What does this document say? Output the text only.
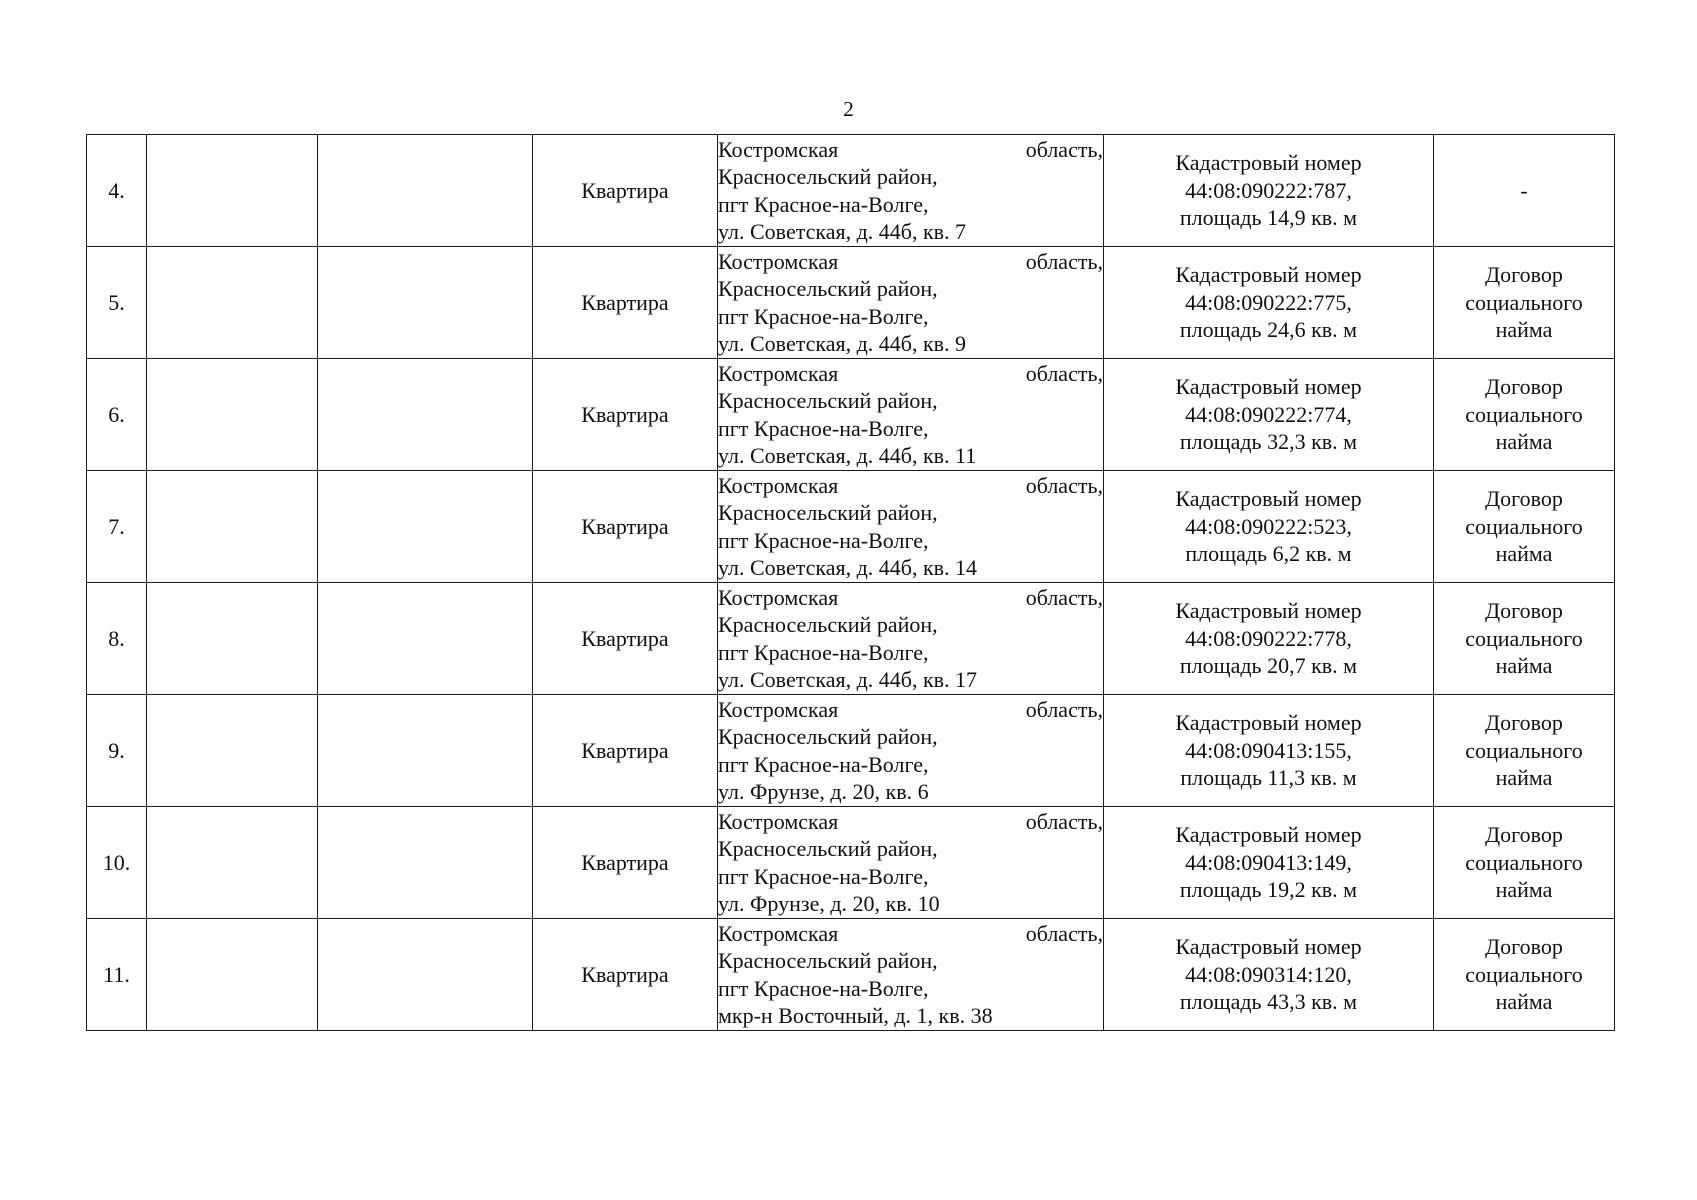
2
4.			Квартира	Костромская область,
Красносельский район,
пгт Красное-на-Волге,
ул. Советская, д. 44б, кв. 7	Кадастровый номер
44:08:090222:787,
площадь 14,9 кв. м	-

5.			Квартира	Костромская область,
Красносельский район,
пгт Красное-на-Волге,
ул. Советская, д. 44б, кв. 9	Кадастровый номер
44:08:090222:775,
площадь 24,6 кв. м	Договор
социального
найма

6.			Квартира	Костромская область,
Красносельский район,
пгт Красное-на-Волге,
ул. Советская, д. 44б, кв. 11	Кадастровый номер
44:08:090222:774,
площадь 32,3 кв. м	Договор
социального
найма

7.			Квартира	Костромская область,
Красносельский район,
пгт Красное-на-Волге,
ул. Советская, д. 44б, кв. 14	Кадастровый номер
44:08:090222:523,
площадь 6,2 кв. м	Договор
социального
найма

8.			Квартира	Костромская область,
Красносельский район,
пгт Красное-на-Волге,
ул. Советская, д. 44б, кв. 17	Кадастровый номер
44:08:090222:778,
площадь 20,7 кв. м	Договор
социального
найма

9.			Квартира	Костромская область,
Красносельский район,
пгт Красное-на-Волге,
ул. Фрунзе, д. 20, кв. 6	Кадастровый номер
44:08:090413:155,
площадь 11,3 кв. м	Договор
социального
найма

10.			Квартира	Костромская область,
Красносельский район,
пгт Красное-на-Волге,
ул. Фрунзе, д. 20, кв. 10	Кадастровый номер
44:08:090413:149,
площадь 19,2 кв. м	Договор
социального
найма

11.			Квартира	Костромская область,
Красносельский район,
пгт Красное-на-Волге,
мкр-н Восточный, д. 1, кв. 38	Кадастровый номер
44:08:090314:120,
площадь 43,3 кв. м	Договор
социального
найма
